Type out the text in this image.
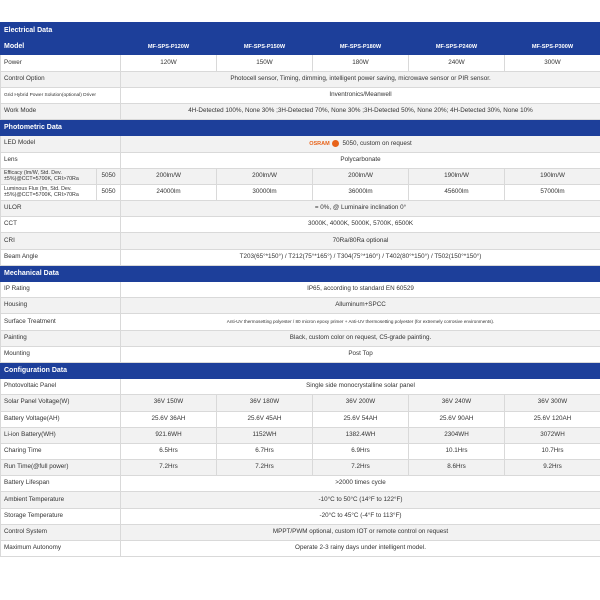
Electrical Data						
Model		MF-SPS-P120W	MF-SPS-P150W	MF-SPS-P180W	MF-SPS-P240W	MF-SPS-P300W
Power		120W	150W	180W	240W	300W
Control Option		Photocell sensor, Timing, dimming, intelligent power saving, microwave sensor or PIR sensor.				
Grid Hybrid Power Solution(optional) Driver		Inventronics/Meanwell				
Work Mode		4H-Detected 100%, None 30% ;3H-Detected 70%, None 30% ;3H-Detected 50%, None 20%; 4H-Detected 30%, None 10%				
Photometric Data						
LED Model		OSRAM 5050, custom on request				
Lens		Polycarbonate				
Efficacy (lm/W, Std. Dev. ±5%)@CCT=5700K, CRI>70Ra	5050	200lm/W	200lm/W	200lm/W	190lm/W	190lm/W
Luminous Flux (lm, Std. Dev. ±5%)@CCT=5700K, CRI>70Ra	5050	24000lm	30000lm	36000lm	45600lm	57000lm
ULOR		= 0%, @ Luminaire inclination 0°				
CCT		3000K, 4000K, 5000K, 5700K, 6500K				
CRI		70Ra/80Ra optional				
Beam Angle		T203(65°*150°) / T212(75°*165°) / T304(75°*160°) / T402(80°*150°) / T502(150°*150°)				
Mechanical Data						
IP Rating		IP65, according to standard EN 60529				
Housing		Alluminum+SPCC				
Surface Treatment		Anti-UV thermosetting polyester / 80 micron epoxy primer + Anti-UV thermosetting polyester (for extremely corrosive environments).				
Painting		Black, custom color on request, C5-grade painting.				
Mounting		Post Top				
Configuration Data						
Photovoltaic Panel		Single side monocrystalline solar panel				
Solar Panel Voltage(W)		36V 150W	36V 180W	36V 200W	36V 240W	36V 300W
Battery Voltage(AH)		25.6V 36AH	25.6V 45AH	25.6V 54AH	25.6V 90AH	25.6V 120AH
Li-ion Battery(WH)		921.6WH	1152WH	1382.4WH	2304WH	3072WH
Charing Time		6.5Hrs	6.7Hrs	6.9Hrs	10.1Hrs	10.7Hrs
Run Time(@full power)		7.2Hrs	7.2Hrs	7.2Hrs	8.6Hrs	9.2Hrs
Battery Lifespan		>2000 times cycle				
Ambient Temperature		-10°C to 50°C (14°F to 122°F)				
Storage Temperature		-20°C to 45°C (-4°F to 113°F)				
Control System		MPPT/PWM optional, custom IOT or remote control on request				
Maximum Autonomy		Operate 2-3 rainy days under intelligent model.				
